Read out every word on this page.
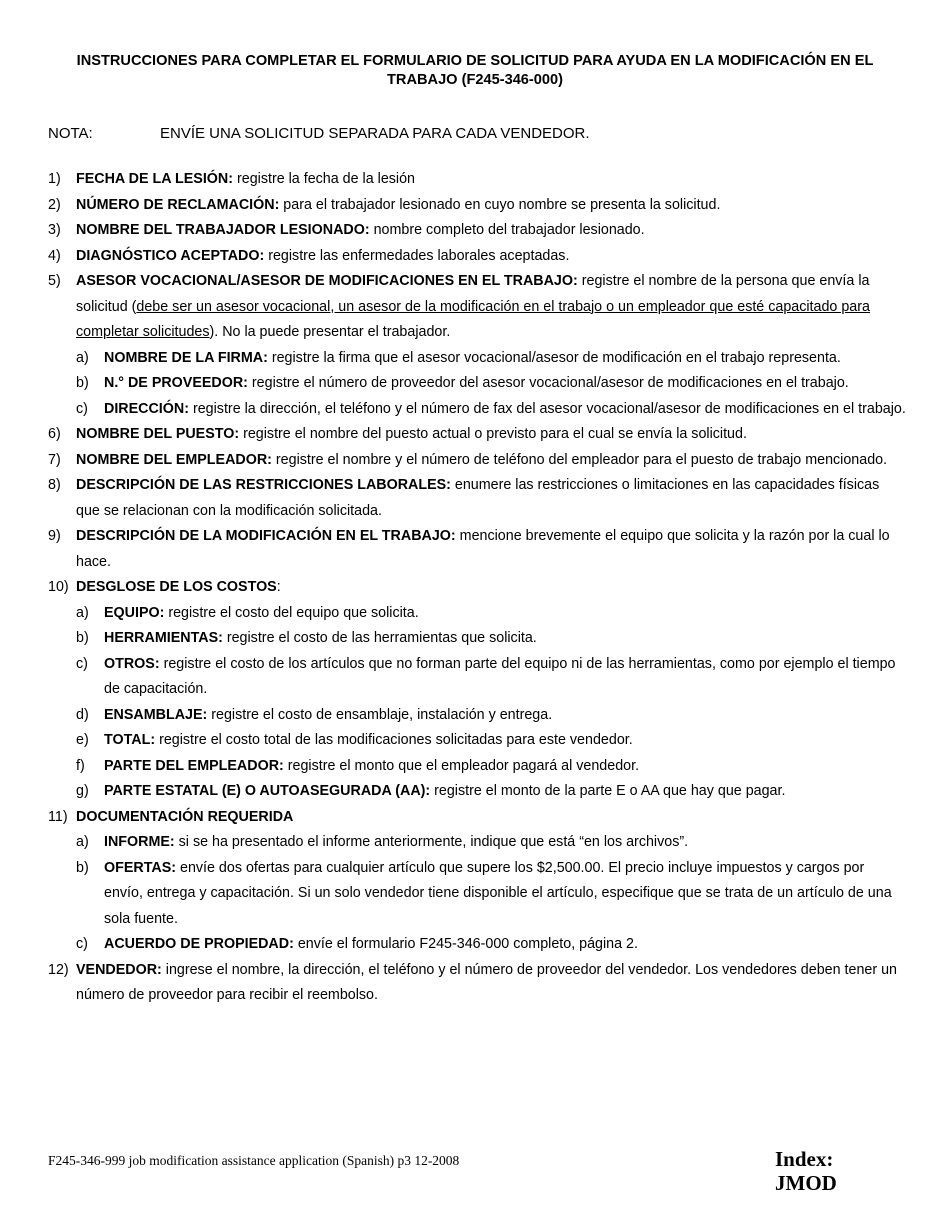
INSTRUCCIONES PARA COMPLETAR EL FORMULARIO DE SOLICITUD PARA AYUDA EN LA MODIFICACIÓN EN EL TRABAJO (F245-346-000)
NOTA:	ENVÍE UNA SOLICITUD SEPARADA PARA CADA VENDEDOR.
1) FECHA DE LA LESIÓN: registre la fecha de la lesión
2) NÚMERO DE RECLAMACIÓN: para el trabajador lesionado en cuyo nombre se presenta la solicitud.
3) NOMBRE DEL TRABAJADOR LESIONADO: nombre completo del trabajador lesionado.
4) DIAGNÓSTICO ACEPTADO: registre las enfermedades laborales aceptadas.
5) ASESOR VOCACIONAL/ASESOR DE MODIFICACIONES EN EL TRABAJO: registre el nombre de la persona que envía la solicitud (debe ser un asesor vocacional, un asesor de la modificación en el trabajo o un empleador que esté capacitado para completar solicitudes). No la puede presentar el trabajador.
a) NOMBRE DE LA FIRMA: registre la firma que el asesor vocacional/asesor de modificación en el trabajo representa.
b) N.° DE PROVEEDOR: registre el número de proveedor del asesor vocacional/asesor de modificaciones en el trabajo.
c) DIRECCIÓN: registre la dirección, el teléfono y el número de fax del asesor vocacional/asesor de modificaciones en el trabajo.
6) NOMBRE DEL PUESTO: registre el nombre del puesto actual o previsto para el cual se envía la solicitud.
7) NOMBRE DEL EMPLEADOR: registre el nombre y el número de teléfono del empleador para el puesto de trabajo mencionado.
8) DESCRIPCIÓN DE LAS RESTRICCIONES LABORALES: enumere las restricciones o limitaciones en las capacidades físicas que se relacionan con la modificación solicitada.
9) DESCRIPCIÓN DE LA MODIFICACIÓN EN EL TRABAJO: mencione brevemente el equipo que solicita y la razón por la cual lo hace.
10) DESGLOSE DE LOS COSTOS:
a) EQUIPO: registre el costo del equipo que solicita.
b) HERRAMIENTAS: registre el costo de las herramientas que solicita.
c) OTROS: registre el costo de los artículos que no forman parte del equipo ni de las herramientas, como por ejemplo el tiempo de capacitación.
d) ENSAMBLAJE: registre el costo de ensamblaje, instalación y entrega.
e) TOTAL: registre el costo total de las modificaciones solicitadas para este vendedor.
f) PARTE DEL EMPLEADOR: registre el monto que el empleador pagará al vendedor.
g) PARTE ESTATAL (E) O AUTOASEGURADA (AA): registre el monto de la parte E o AA que hay que pagar.
11) DOCUMENTACIÓN REQUERIDA
a) INFORME: si se ha presentado el informe anteriormente, indique que está “en los archivos”.
b) OFERTAS: envíe dos ofertas para cualquier artículo que supere los $2,500.00. El precio incluye impuestos y cargos por envío, entrega y capacitación. Si un solo vendedor tiene disponible el artículo, especifique que se trata de un artículo de una sola fuente.
c) ACUERDO DE PROPIEDAD: envíe el formulario F245-346-000 completo, página 2.
12) VENDEDOR: ingrese el nombre, la dirección, el teléfono y el número de proveedor del vendedor. Los vendedores deben tener un número de proveedor para recibir el reembolso.
F245-346-999 job modification assistance application (Spanish) p3 12-2008	Index:
JMOD
